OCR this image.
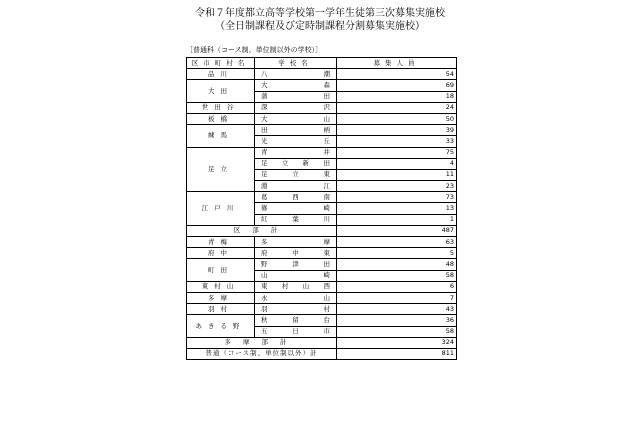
令和７年度都立高等学校第一学年生徒第三次募集実施校
（全日制課程及び定時制課程分割募集実施校）
［普通科（コース制、単位制以外の学校）］
区市町村名	学校名	募集人員
品川	八潮	54
大田	大森	69
	蒲田	18
世田谷	深沢	24
板橋	大山	50
練馬	田柄	39
	光丘	33
足立	青井	75
	足立新田	4
	足立東	11
	淵江	23
江戸川	葛西南	73
	篠崎	13
	紅葉川	1
区部計		487
青梅	多摩	63
府中	府中東	5
町田	野津田	48
	山崎	58
東村山	東村山西	6
多摩	永山	7
羽村	羽村	43
あきる野	秋留台	36
	五日市	58
多摩部計		324
普通（コース制、単位制以外）計		811
